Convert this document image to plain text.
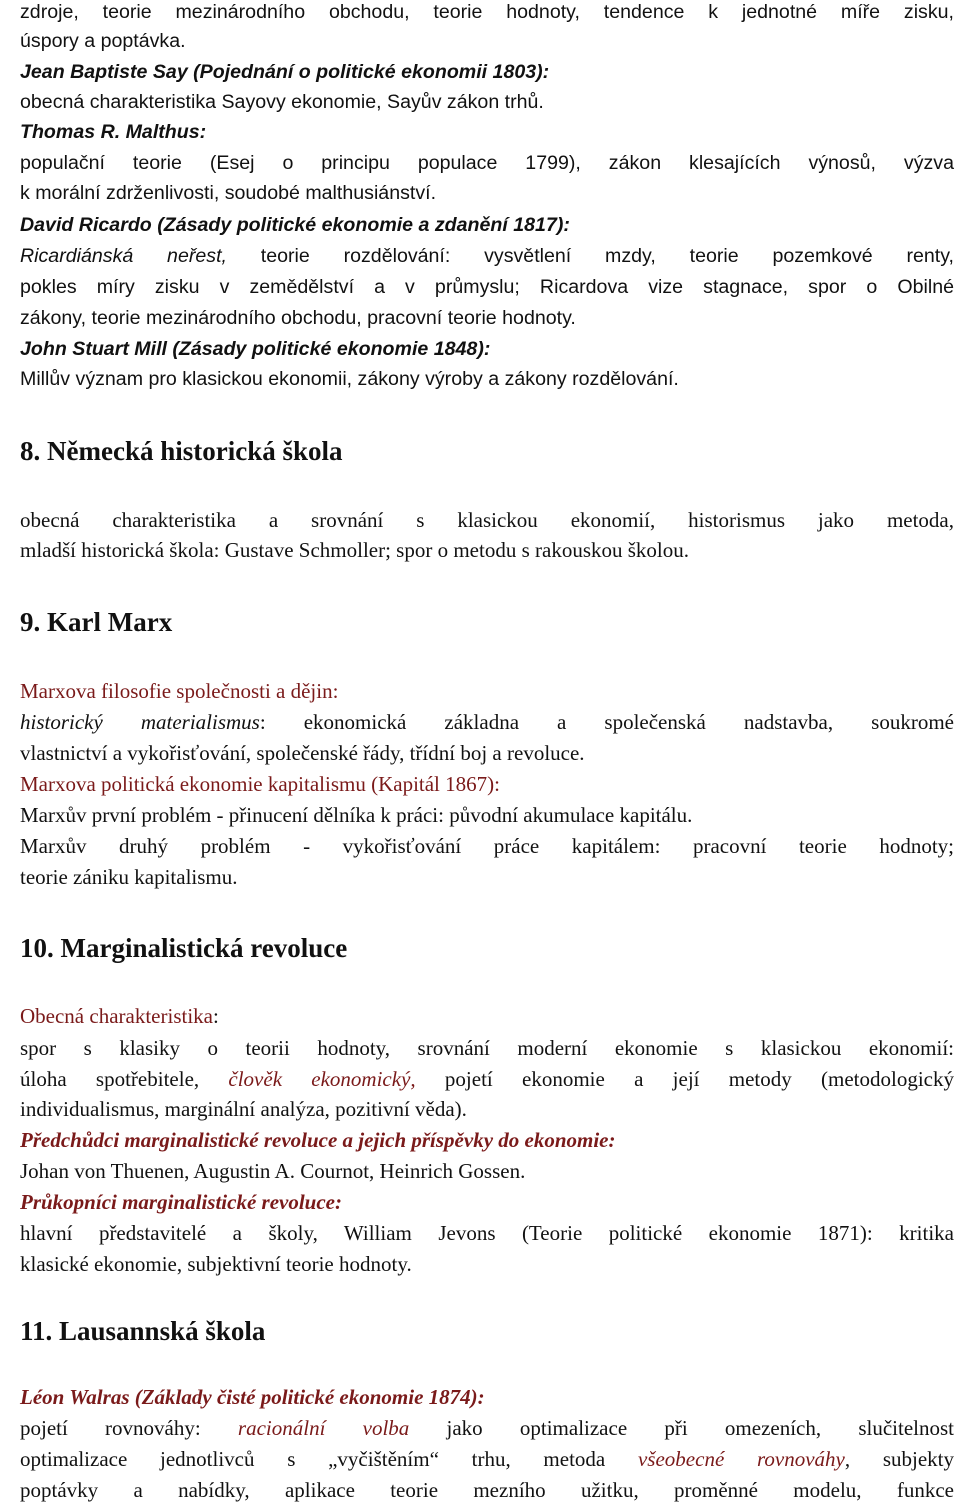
zdroje, teorie mezinárodního obchodu, teorie hodnoty, tendence k jednotné míře zisku,
úspory a poptávka.
Jean Baptiste Say (Pojednání o politické ekonomii 1803):
obecná charakteristika Sayovy ekonomie, Sayův zákon trhů.
Thomas R. Malthus:
populační teorie (Esej o principu populace 1799), zákon klesajících výnosů, výzva
k morální zdrženlivosti, soudobé malthusiánství.
David Ricardo (Zásady politické ekonomie a zdanění 1817):
Ricardiánská neřest, teorie rozdělování: vysvětlení mzdy, teorie pozemkové renty,
pokles míry zisku v zemědělství a v průmyslu; Ricardova vize stagnace, spor o Obilné
zákony, teorie mezinárodního obchodu, pracovní teorie hodnoty.
John Stuart Mill (Zásady politické ekonomie 1848):
Millův význam pro klasickou ekonomii, zákony výroby a zákony rozdělování.
8. Německá historická škola
obecná charakteristika a srovnání s klasickou ekonomií, historismus jako metoda,
mladší historická škola: Gustave Schmoller; spor o metodu s rakouskou školou.
9. Karl Marx
Marxova filosofie společnosti a dějin:
historický materialismus: ekonomická základna a společenská nadstavba, soukromé
vlastnictví a vykořisťování, společenské řády, třídní boj a revoluce.
Marxova politická ekonomie kapitalismu (Kapitál 1867):
Marxův první problém - přinucení dělníka k práci: původní akumulace kapitálu.
Marxův druhý problém - vykořisťování práce kapitálem: pracovní teorie hodnoty;
teorie zániku kapitalismu.
10. Marginalistická revoluce
Obecná charakteristika:
spor s klasiky o teorii hodnoty, srovnání moderní ekonomie s klasickou ekonomií:
úloha spotřebitele, člověk ekonomický, pojetí ekonomie a její metody (metodologický
individualismus, marginální analýza, pozitivní věda).
Předchůdci marginalistické revoluce a jejich příspěvky do ekonomie:
Johan von Thuenen, Augustin A. Cournot, Heinrich Gossen.
Průkopníci marginalistické revoluce:
hlavní představitelé a školy, William Jevons (Teorie politické ekonomie 1871): kritika
klasické ekonomie, subjektivní teorie hodnoty.
11. Lausannská škola
Léon Walras (Základy čisté politické ekonomie 1874):
pojetí rovnováhy: racionální volba jako optimalizace při omezeních, slučitelnost
optimalizace jednotlivců s „vyčištěním“ trhu, metoda všeobecné rovnováhy, subjekty
poptávky a nabídky, aplikace teorie mezního užitku, proměnné modelu, funkce
